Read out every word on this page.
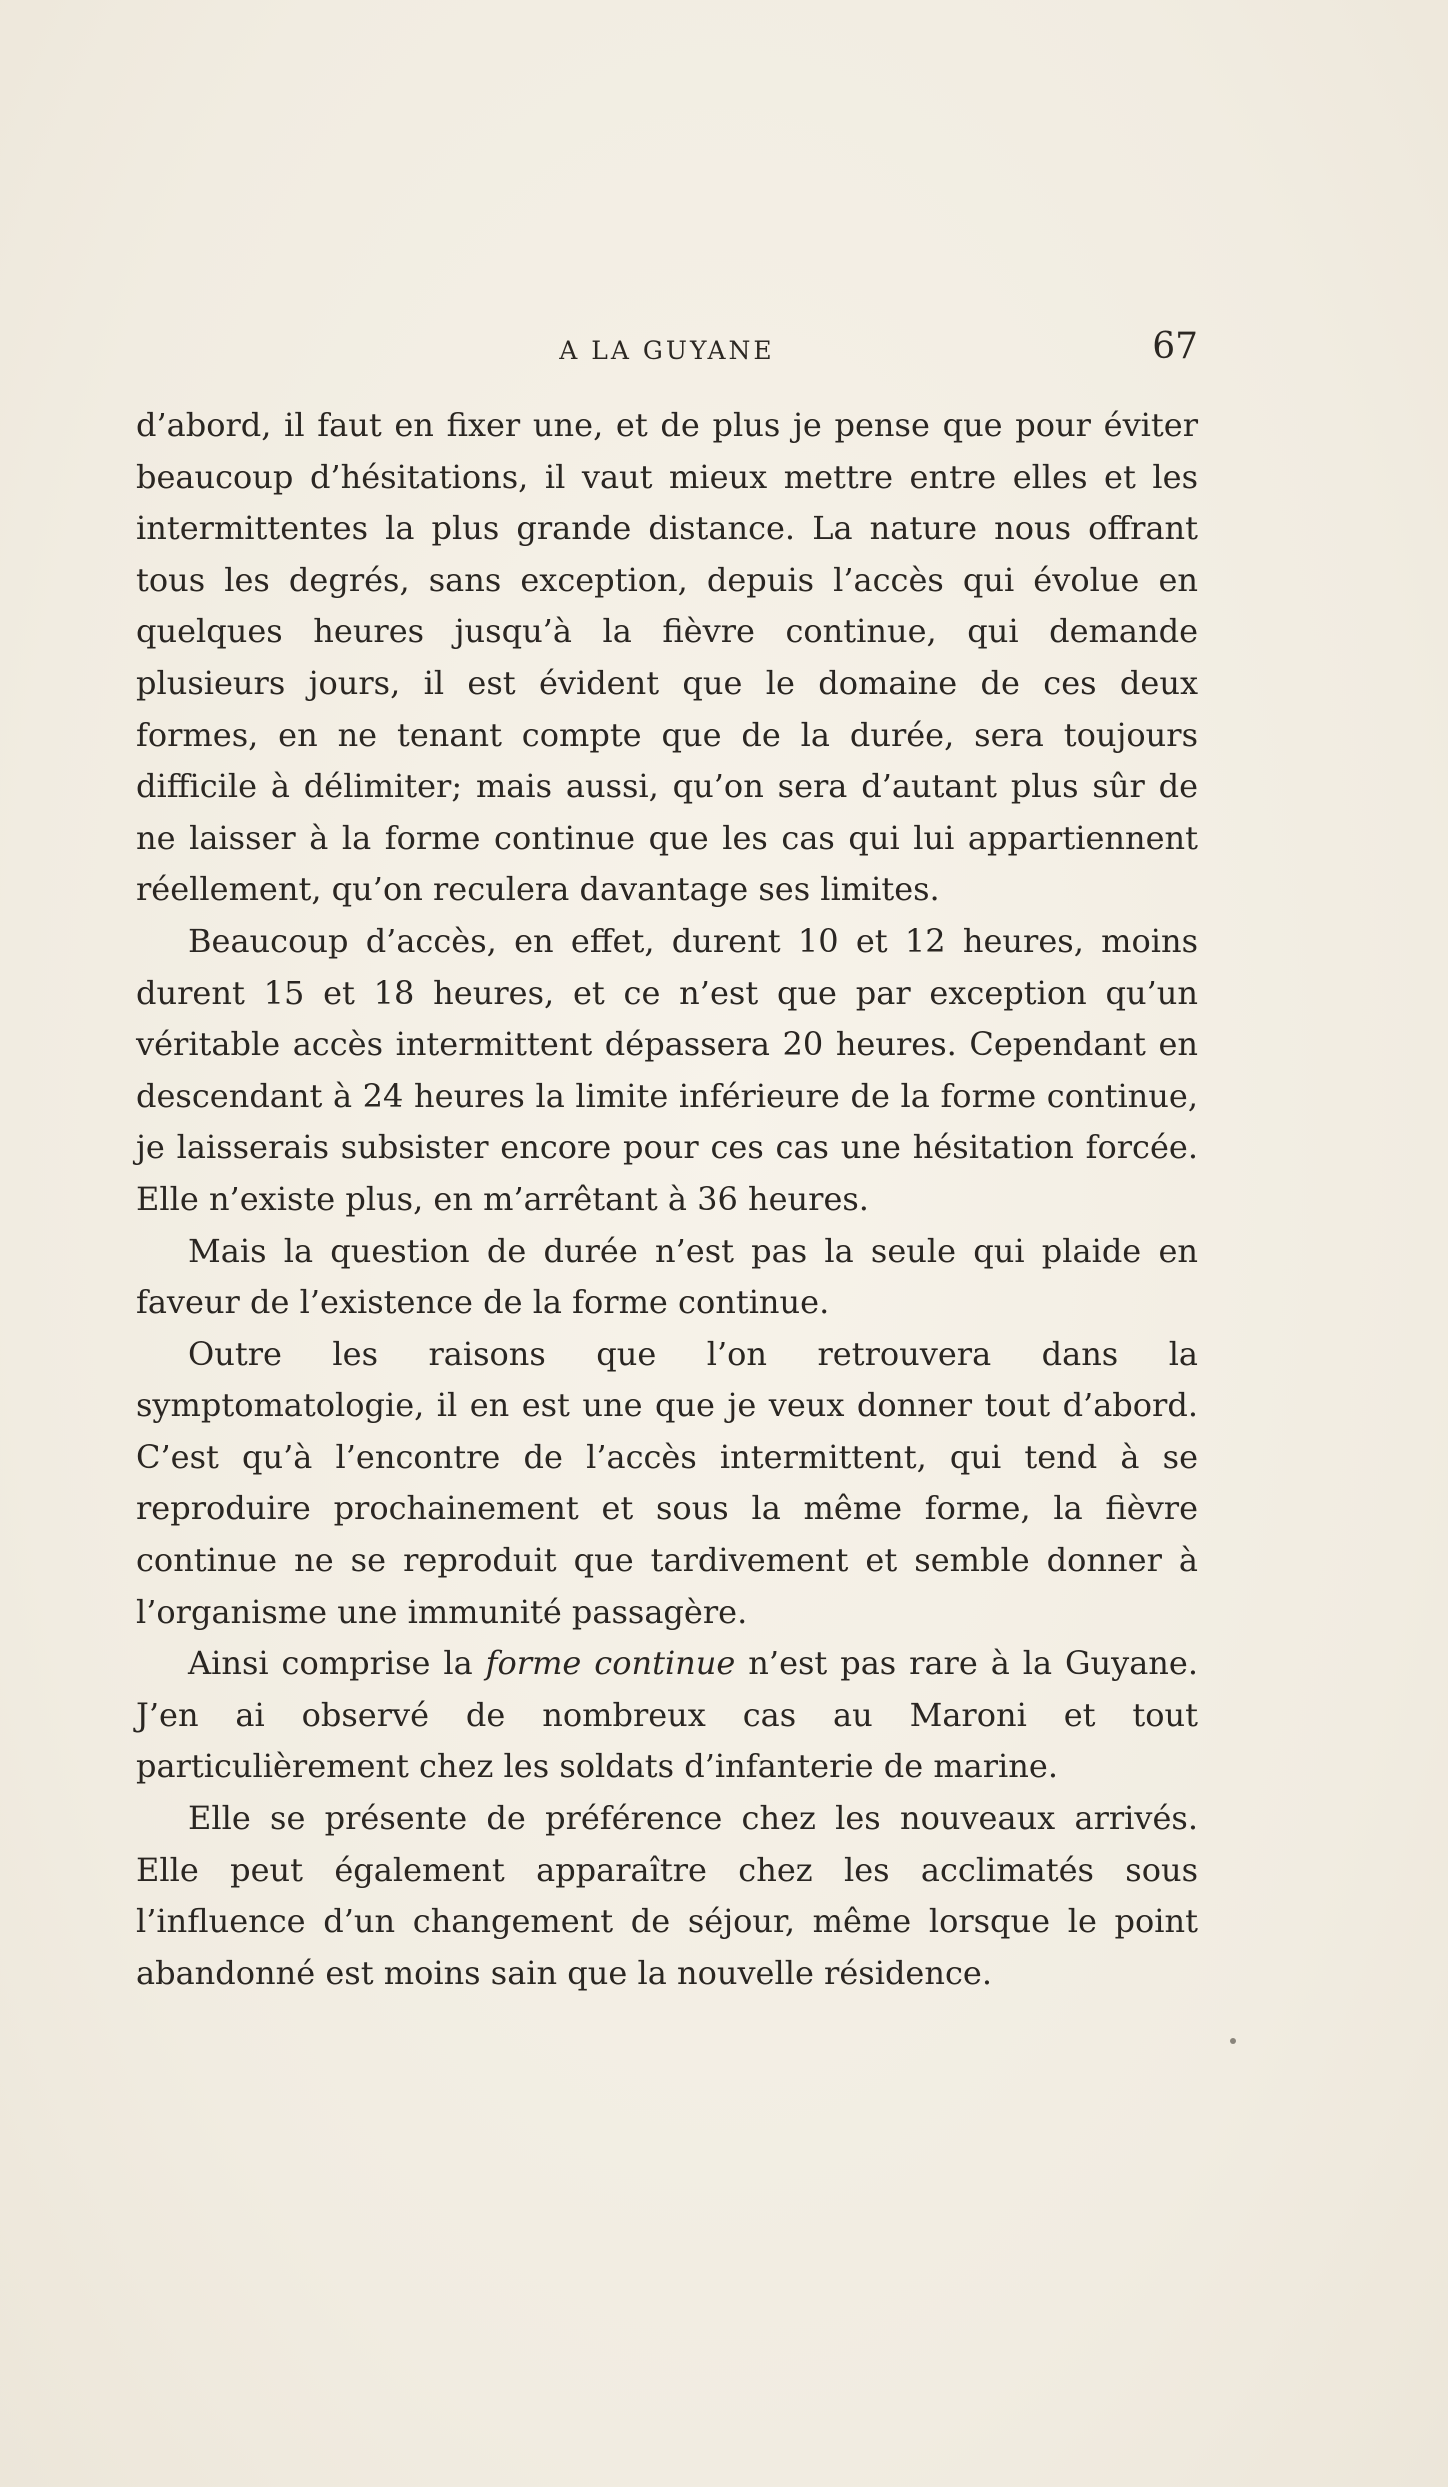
A LA GUYANE	67

d’abord, il faut en fixer une, et de plus je pense que pour éviter beaucoup d’hésitations, il vaut mieux mettre entre elles et les intermittentes la plus grande distance. La nature nous offrant tous les degrés, sans exception, depuis l’accès qui évolue en quelques heures jusqu’à la fièvre continue, qui demande plusieurs jours, il est évident que le domaine de ces deux formes, en ne tenant compte que de la durée, sera toujours difficile à délimiter; mais aussi, qu’on sera d’autant plus sûr de ne laisser à la forme continue que les cas qui lui appartiennent réellement, qu’on reculera davantage ses limites.

Beaucoup d’accès, en effet, durent 10 et 12 heures, moins durent 15 et 18 heures, et ce n’est que par exception qu’un véritable accès intermittent dépassera 20 heures. Cependant en descendant à 24 heures la limite inférieure de la forme continue, je laisserais subsister encore pour ces cas une hésitation forcée. Elle n’existe plus, en m’arrêtant à 36 heures.

Mais la question de durée n’est pas la seule qui plaide en faveur de l’existence de la forme continue.

Outre les raisons que l’on retrouvera dans la symptomatologie, il en est une que je veux donner tout d’abord. C’est qu’à l’encontre de l’accès intermittent, qui tend à se reproduire prochainement et sous la même forme, la fièvre continue ne se reproduit que tardivement et semble donner à l’organisme une immunité passagère.

Ainsi comprise la forme continue n’est pas rare à la Guyane. J’en ai observé de nombreux cas au Maroni et tout particulièrement chez les soldats d’infanterie de marine.

Elle se présente de préférence chez les nouveaux arrivés. Elle peut également apparaître chez les acclimatés sous l’influence d’un changement de séjour, même lorsque le point abandonné est moins sain que la nouvelle résidence.
